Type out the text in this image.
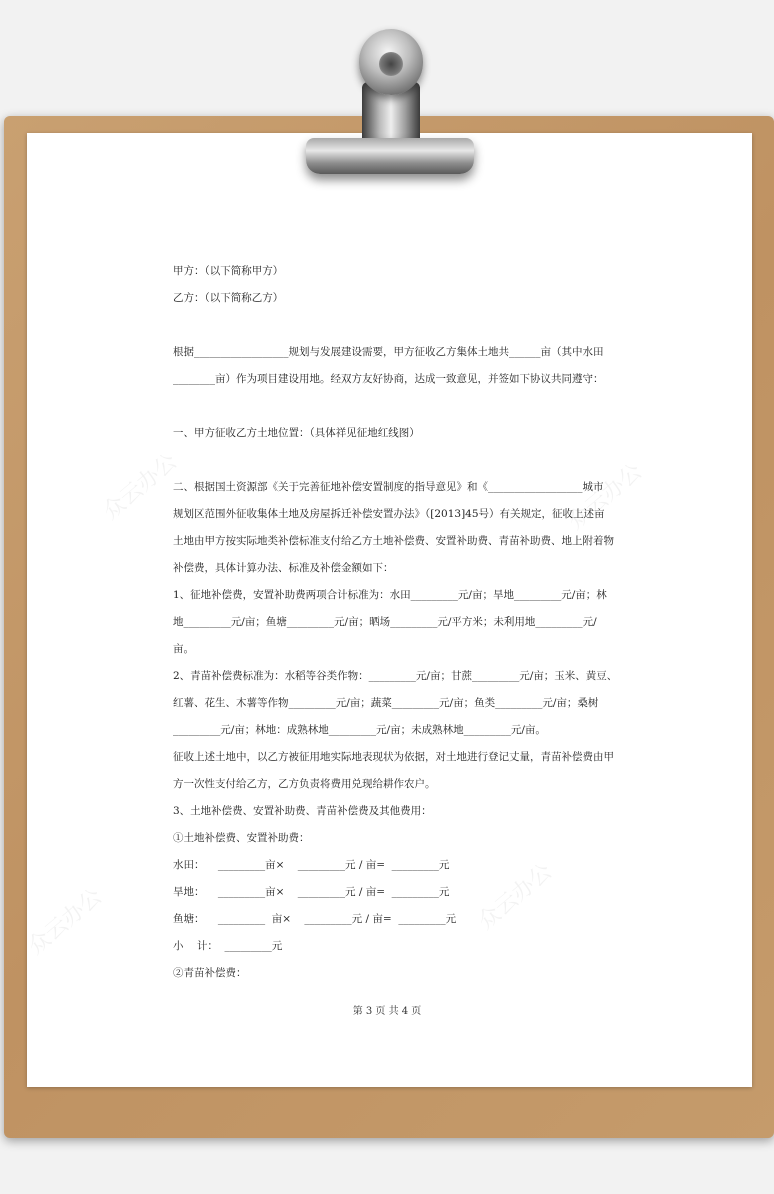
众云办公	众云办公
众云办公	众云办公
甲方：（以下简称甲方）
乙方：（以下简称乙方）
根据__________________规划与发展建设需要，甲方征收乙方集体土地共______亩（其中水田
________亩）作为项目建设用地。经双方友好协商，达成一致意见，并签如下协议共同遵守：
一、甲方征收乙方土地位置：（具体祥见征地红线图）
二、根据国土资源部《关于完善征地补偿安置制度的指导意见》和《__________________城市
规划区范围外征收集体土地及房屋拆迁补偿安置办法》（[2013]45号）有关规定，征收上述亩
土地由甲方按实际地类补偿标准支付给乙方土地补偿费、安置补助费、青苗补助费、地上附着物
补偿费，具体计算办法、标准及补偿金额如下：
1、征地补偿费，安置补助费两项合计标准为：水田_________元/亩；旱地_________元/亩；林
地_________元/亩；鱼塘_________元/亩；晒场_________元/平方米；未利用地_________元/
亩。
2、青苗补偿费标准为：水稻等谷类作物：_________元/亩；甘蔗_________元/亩；玉米、黄豆、
红薯、花生、木薯等作物_________元/亩；蔬菜_________元/亩；鱼类_________元/亩；桑树
_________元/亩；林地：成熟林地_________元/亩；未成熟林地_________元/亩。
征收上述土地中，以乙方被征用地实际地表现状为依据，对土地进行登记丈量，青苗补偿费由甲
方一次性支付给乙方，乙方负责将费用兑现给耕作农户。
3、土地补偿费、安置补助费、青苗补偿费及其他费用：
①土地补偿费、安置补助费：
水田：    _________亩×    _________元 / 亩=  _________元
旱地：    _________亩×    _________元 / 亩=  _________元
鱼塘：    _________  亩×    _________元 / 亩=  _________元
小    计：  _________元
②青苗补偿费：
第 3 页 共 4 页
